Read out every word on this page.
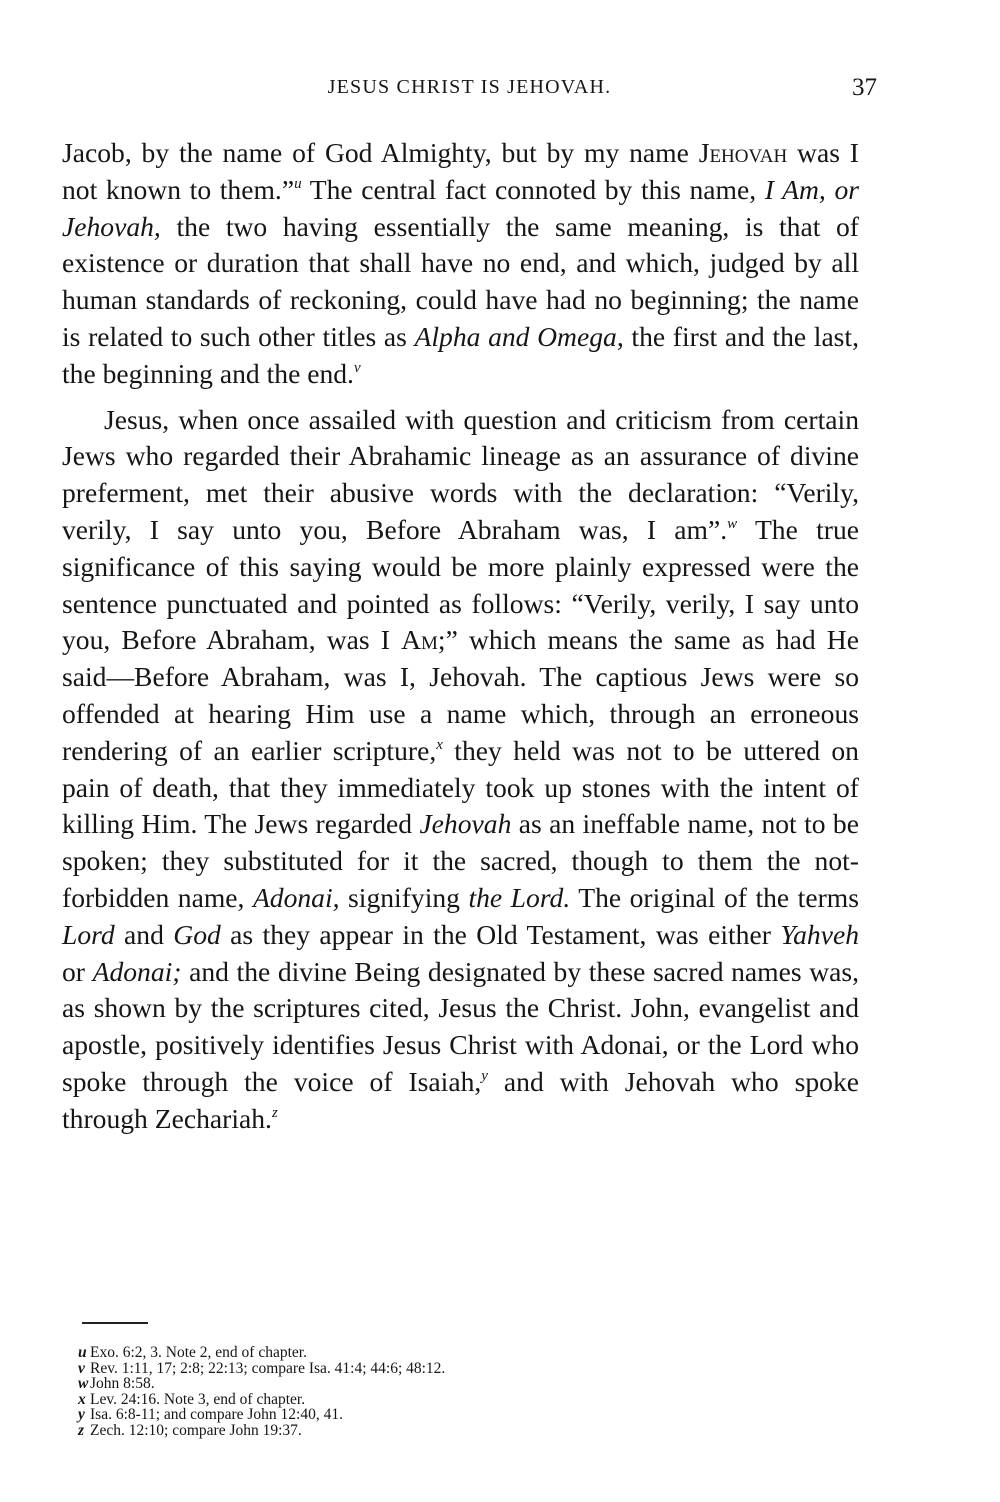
JESUS CHRIST IS JEHOVAH.	37

Jacob, by the name of God Almighty, but by my name Jehovah was I not known to them.”$^u$ The central fact connoted by this name, I Am, or Jehovah, the two having essentially the same meaning, is that of existence or duration that shall have no end, and which, judged by all human standards of reckoning, could have had no beginning; the name is related to such other titles as Alpha and Omega, the first and the last, the beginning and the end.$^v$

Jesus, when once assailed with question and criticism from certain Jews who regarded their Abrahamic lineage as an assurance of divine preferment, met their abusive words with the declaration: “Verily, verily, I say unto you, Before Abraham was, I am”.$^w$ The true significance of this saying would be more plainly expressed were the sentence punctuated and pointed as follows: “Verily, verily, I say unto you, Before Abraham, was I Am;” which means the same as had He said—Before Abraham, was I, Jehovah. The captious Jews were so offended at hearing Him use a name which, through an erroneous rendering of an earlier scripture,$^x$ they held was not to be uttered on pain of death, that they immediately took up stones with the intent of killing Him. The Jews regarded Jehovah as an ineffable name, not to be spoken; they substituted for it the sacred, though to them the not-forbidden name, Adonai, signifying the Lord. The original of the terms Lord and God as they appear in the Old Testament, was either Yahveh or Adonai; and the divine Being designated by these sacred names was, as shown by the scriptures cited, Jesus the Christ. John, evangelist and apostle, positively identifies Jesus Christ with Adonai, or the Lord who spoke through the voice of Isaiah,$^y$ and with Jehovah who spoke through Zechariah.$^z$

u Exo. 6:2, 3. Note 2, end of chapter.
v Rev. 1:11, 17; 2:8; 22:13; compare Isa. 41:4; 44:6; 48:12.
w John 8:58.
x Lev. 24:16. Note 3, end of chapter.
y Isa. 6:8-11; and compare John 12:40, 41.
z Zech. 12:10; compare John 19:37.
